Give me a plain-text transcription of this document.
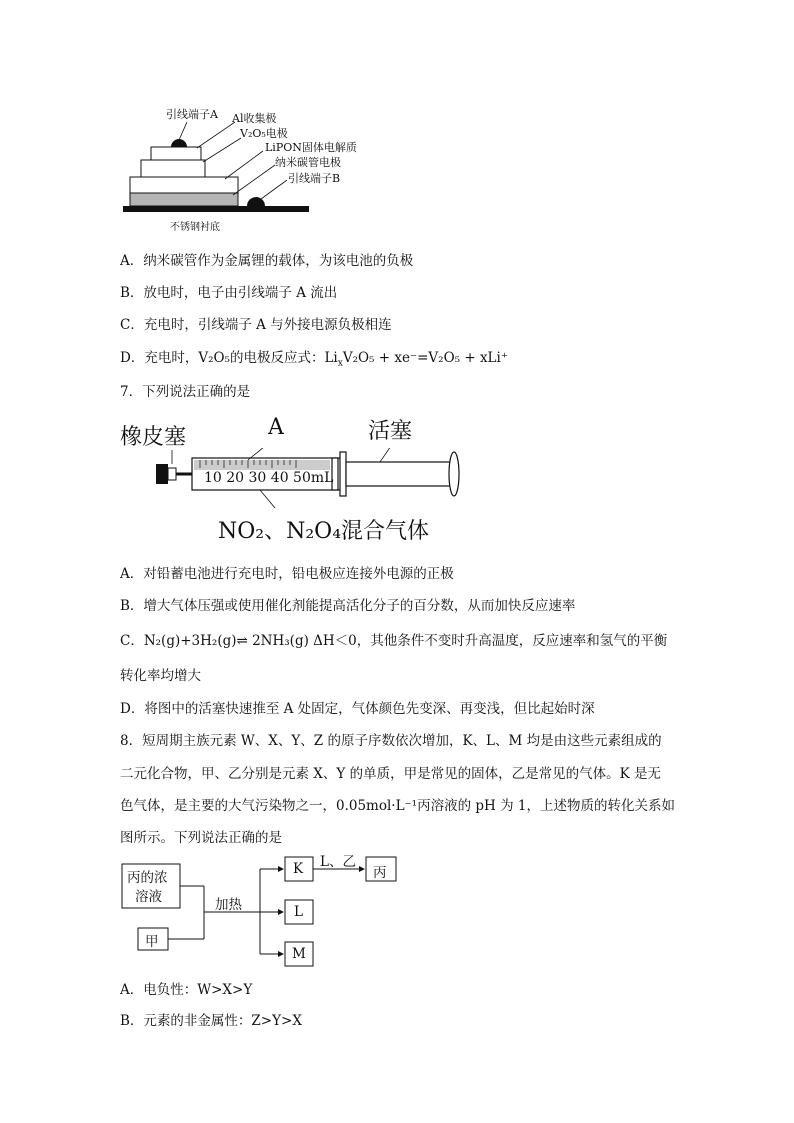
引线端子A Al收集极
V₂O₅电极
LiPON固体电解质
纳米碳管电极
引线端子B
不锈钢衬底
A．纳米碳管作为金属锂的载体，为该电池的负极
B．放电时，电子由引线端子 A 流出
C．充电时，引线端子 A 与外接电源负极相连
D．充电时，V₂O₅的电极反应式：$Li_xV_2O_5 + xe^-=V_2O_5 + xLi^+$
7．下列说法正确的是
橡皮塞	A	活塞
10 20 30 40 50mL
NO₂、N₂O₄混合气体
A．对铅蓄电池进行充电时，铅电极应连接外电源的正极
B．增大气体压强或使用催化剂能提高活化分子的百分数，从而加快反应速率
C．N₂(g)+3H₂(g)⇌ 2NH₃(g) ΔH＜0，其他条件不变时升高温度，反应速率和氢气的平衡
转化率均增大
D．将图中的活塞快速推至 A 处固定，气体颜色先变深、再变浅，但比起始时深
8．短周期主族元素 W、X、Y、Z 的原子序数依次增加，K、L、M 均是由这些元素组成的
二元化合物，甲、乙分别是元素 X、Y 的单质，甲是常见的固体，乙是常见的气体。K 是无
色气体，是主要的大气污染物之一，0.05mol·L⁻¹丙溶液的 pH 为 1，上述物质的转化关系如
图所示。下列说法正确的是
丙的浓
溶液
甲
加热
K
L
M
L、乙
丙
A．电负性：W>X>Y
B．元素的非金属性：Z>Y>X
